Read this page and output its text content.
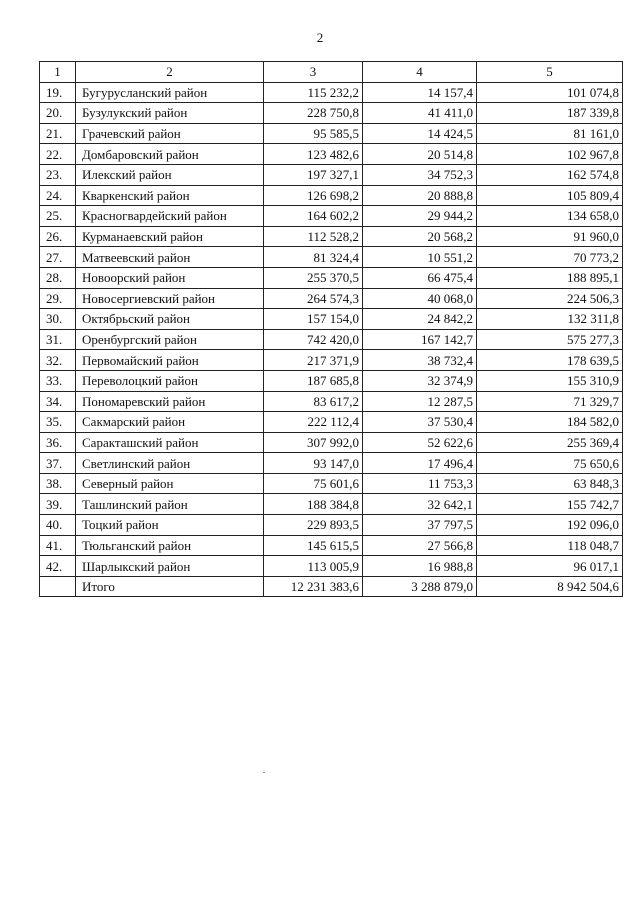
2
1	2	3	4	5
19.	Бугурусланский район	115 232,2	14 157,4	101 074,8
20.	Бузулукский район	228 750,8	41 411,0	187 339,8
21.	Грачевский район	95 585,5	14 424,5	81 161,0
22.	Домбаровский район	123 482,6	20 514,8	102 967,8
23.	Илекский район	197 327,1	34 752,3	162 574,8
24.	Кваркенский район	126 698,2	20 888,8	105 809,4
25.	Красногвардейский район	164 602,2	29 944,2	134 658,0
26.	Курманаевский район	112 528,2	20 568,2	91 960,0
27.	Матвеевский район	81 324,4	10 551,2	70 773,2
28.	Новоорский район	255 370,5	66 475,4	188 895,1
29.	Новосергиевский район	264 574,3	40 068,0	224 506,3
30.	Октябрьский район	157 154,0	24 842,2	132 311,8
31.	Оренбургский район	742 420,0	167 142,7	575 277,3
32.	Первомайский район	217 371,9	38 732,4	178 639,5
33.	Переволоцкий район	187 685,8	32 374,9	155 310,9
34.	Пономаревский район	83 617,2	12 287,5	71 329,7
35.	Сакмарский район	222 112,4	37 530,4	184 582,0
36.	Саракташский район	307 992,0	52 622,6	255 369,4
37.	Светлинский район	93 147,0	17 496,4	75 650,6
38.	Северный район	75 601,6	11 753,3	63 848,3
39.	Ташлинский район	188 384,8	32 642,1	155 742,7
40.	Тоцкий район	229 893,5	37 797,5	192 096,0
41.	Тюльганский район	145 615,5	27 566,8	118 048,7
42.	Шарлыкский район	113 005,9	16 988,8	96 017,1
	Итого	12 231 383,6	3 288 879,0	8 942 504,6
